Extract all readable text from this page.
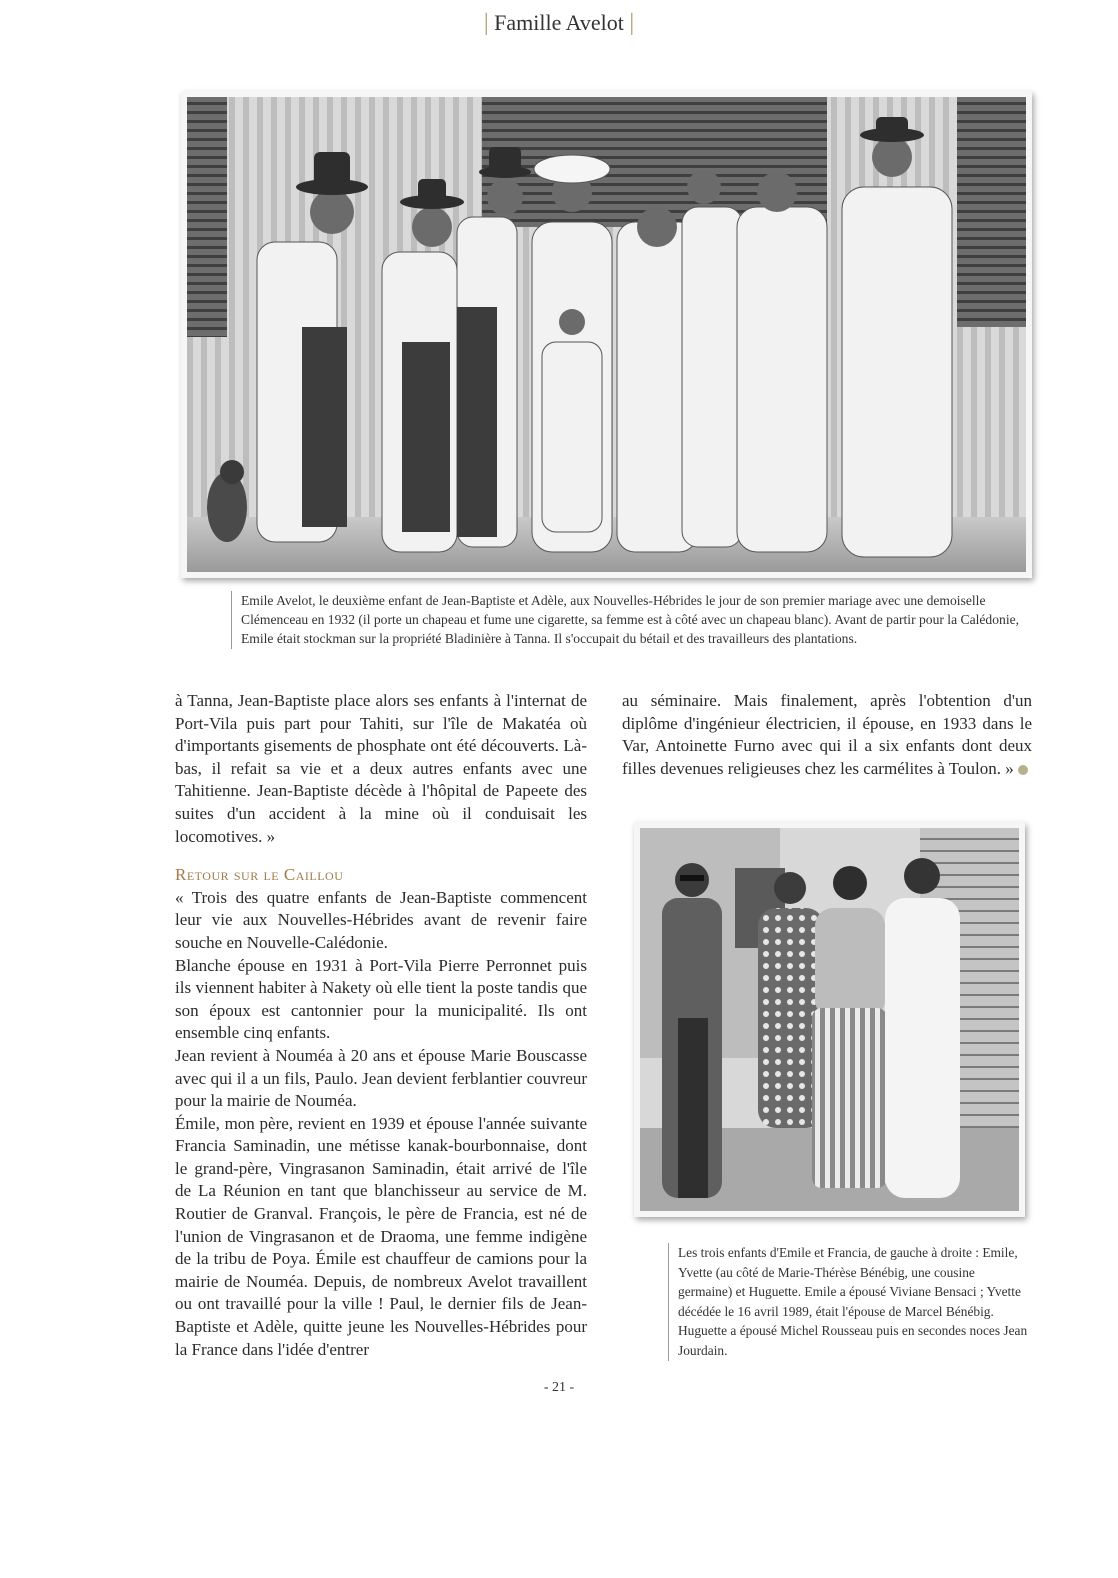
| Famille Avelot |
Emile Avelot, le deuxième enfant de Jean-Baptiste et Adèle, aux Nouvelles-Hébrides le jour de son premier mariage avec une demoiselle Clémenceau en 1932 (il porte un chapeau et fume une cigarette, sa femme est à côté avec un chapeau blanc). Avant de partir pour la Calédonie, Emile était stockman sur la propriété Bladinière à Tanna. Il s'occupait du bétail et des travailleurs des plantations.

à Tanna, Jean-Baptiste place alors ses enfants à l'internat de Port-Vila puis part pour Tahiti, sur l'île de Makatéa où d'importants gisements de phosphate ont été découverts. Là-bas, il refait sa vie et a deux autres enfants avec une Tahitienne. Jean-Baptiste décède à l'hôpital de Papeete des suites d'un accident à la mine où il conduisait les locomotives. »

Retour sur le Caillou

« Trois des quatre enfants de Jean-Baptiste commencent leur vie aux Nouvelles-Hébrides avant de revenir faire souche en Nouvelle-Calédonie.

Blanche épouse en 1931 à Port-Vila Pierre Perronnet puis ils viennent habiter à Nakety où elle tient la poste tandis que son époux est cantonnier pour la municipalité. Ils ont ensemble cinq enfants.

Jean revient à Nouméa à 20 ans et épouse Marie Bouscasse avec qui il a un fils, Paulo. Jean devient ferblantier couvreur pour la mairie de Nouméa.

Émile, mon père, revient en 1939 et épouse l'année suivante Francia Saminadin, une métisse kanak-bourbonnaise, dont le grand-père, Vingrasanon Saminadin, était arrivé de l'île de La Réunion en tant que blanchisseur au service de M. Routier de Granval. François, le père de Francia, est né de l'union de Vingrasanon et de Draoma, une femme indigène de la tribu de Poya. Émile est chauffeur de camions pour la mairie de Nouméa. Depuis, de nombreux Avelot travaillent ou ont travaillé pour la ville ! Paul, le dernier fils de Jean-Baptiste et Adèle, quitte jeune les Nouvelles-Hébrides pour la France dans l'idée d'entrer

au séminaire. Mais finalement, après l'obtention d'un diplôme d'ingénieur électricien, il épouse, en 1933 dans le Var, Antoinette Furno avec qui il a six enfants dont deux filles devenues religieuses chez les carmélites à Toulon. »

Les trois enfants d'Emile et Francia, de gauche à droite : Emile, Yvette (au côté de Marie-Thérèse Bénébig, une cousine germaine) et Huguette. Emile a épousé Viviane Bensaci ; Yvette décédée le 16 avril 1989, était l'épouse de Marcel Bénébig. Huguette a épousé Michel Rousseau puis en secondes noces Jean Jourdain.
- 21 -
